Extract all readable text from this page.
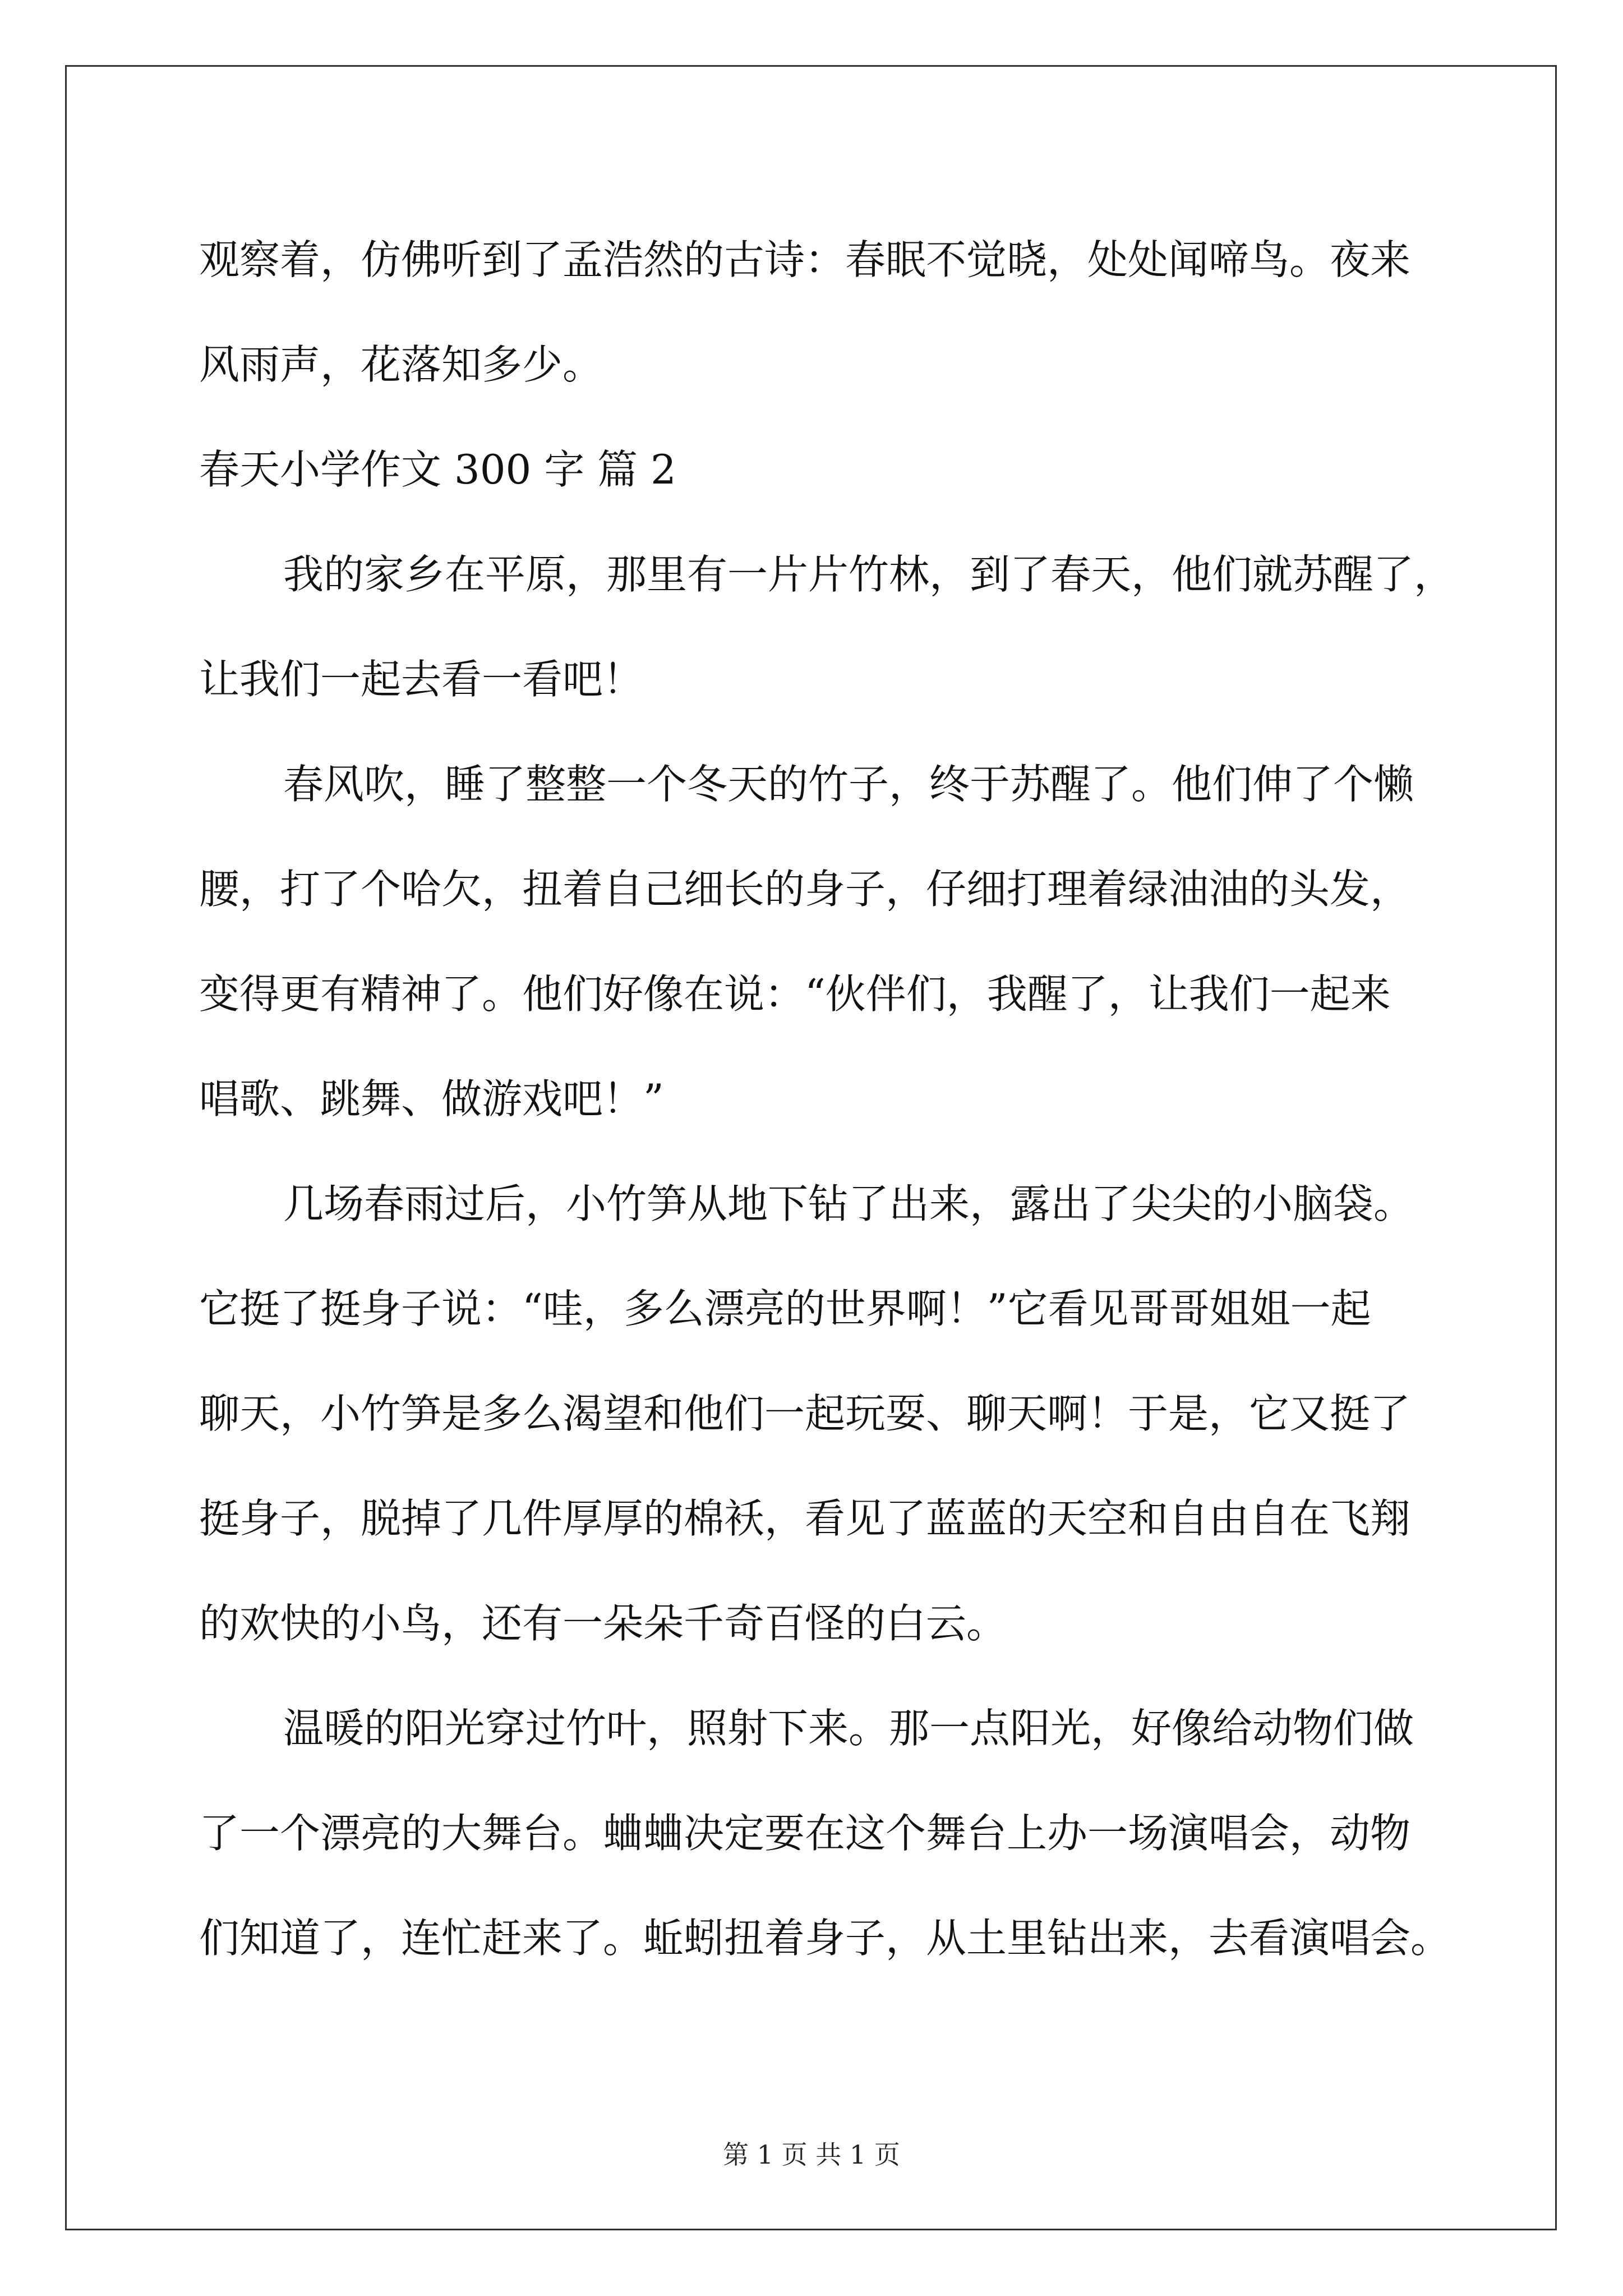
观察着，仿佛听到了孟浩然的古诗：春眠不觉晓，处处闻啼鸟。夜来
风雨声，花落知多少。
春天小学作文 300 字 篇 2
我的家乡在平原，那里有一片片竹林，到了春天，他们就苏醒了，
让我们一起去看一看吧！
春风吹，睡了整整一个冬天的竹子，终于苏醒了。他们伸了个懒
腰，打了个哈欠，扭着自己细长的身子，仔细打理着绿油油的头发，
变得更有精神了。他们好像在说：“伙伴们，我醒了，让我们一起来
唱歌、跳舞、做游戏吧！”
几场春雨过后，小竹笋从地下钻了出来，露出了尖尖的小脑袋。
它挺了挺身子说：“哇，多么漂亮的世界啊！”它看见哥哥姐姐一起
聊天，小竹笋是多么渴望和他们一起玩耍、聊天啊！于是，它又挺了
挺身子，脱掉了几件厚厚的棉袄，看见了蓝蓝的天空和自由自在飞翔
的欢快的小鸟，还有一朵朵千奇百怪的白云。
温暖的阳光穿过竹叶，照射下来。那一点阳光，好像给动物们做
了一个漂亮的大舞台。蛐蛐决定要在这个舞台上办一场演唱会，动物
们知道了，连忙赶来了。蚯蚓扭着身子，从土里钻出来，去看演唱会。
第 1 页 共 1 页
